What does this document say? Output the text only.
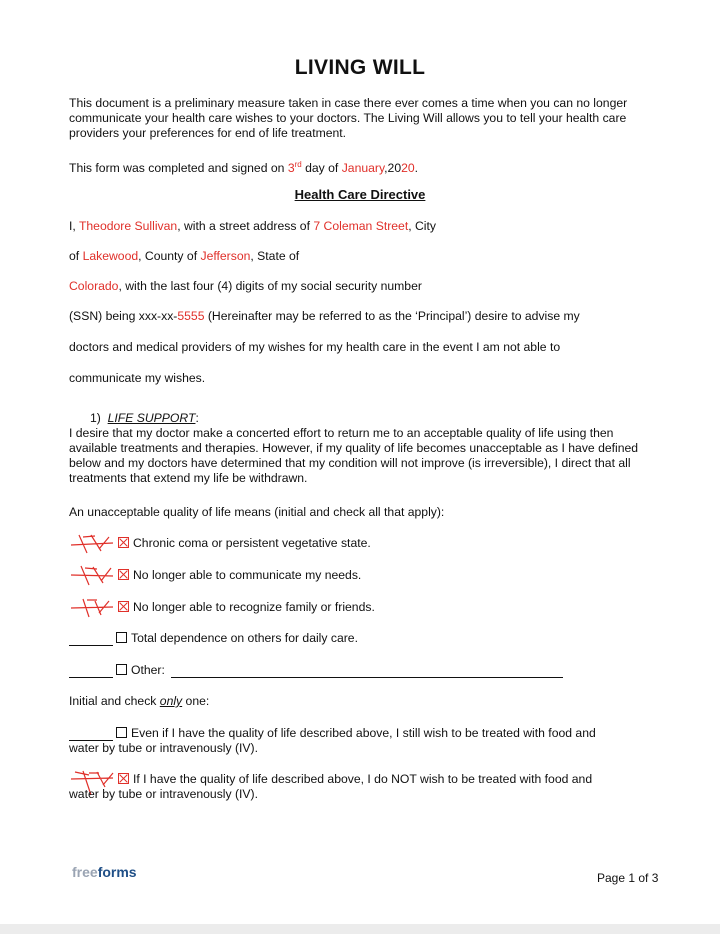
LIVING WILL
This document is a preliminary measure taken in case there ever comes a time when you can no longer communicate your health care wishes to your doctors. The Living Will allows you to tell your health care providers your preferences for end of life treatment.
This form was completed and signed on 3rd day of January,2020.
Health Care Directive
I, Theodore Sullivan, with a street address of 7 Coleman Street, City
of Lakewood, County of Jefferson, State of
Colorado, with the last four (4) digits of my social security number
(SSN) being xxx-xx-5555 (Hereinafter may be referred to as the ‘Principal’) desire to advise my
doctors and medical providers of my wishes for my health care in the event I am not able to
communicate my wishes.
1) LIFE SUPPORT:
I desire that my doctor make a concerted effort to return me to an acceptable quality of life using then available treatments and therapies. However, if my quality of life becomes unacceptable as I have defined below and my doctors have determined that my condition will not improve (is irreversible), I direct that all treatments that extend my life be withdrawn.
An unacceptable quality of life means (initial and check all that apply):
Chronic coma or persistent vegetative state.
No longer able to communicate my needs.
No longer able to recognize family or friends.
Total dependence on others for daily care.
Other:
Initial and check only one:
Even if I have the quality of life described above, I still wish to be treated with food and
water by tube or intravenously (IV).
If I have the quality of life described above, I do NOT wish to be treated with food and
water by tube or intravenously (IV).
freeforms	Page 1 of 3
